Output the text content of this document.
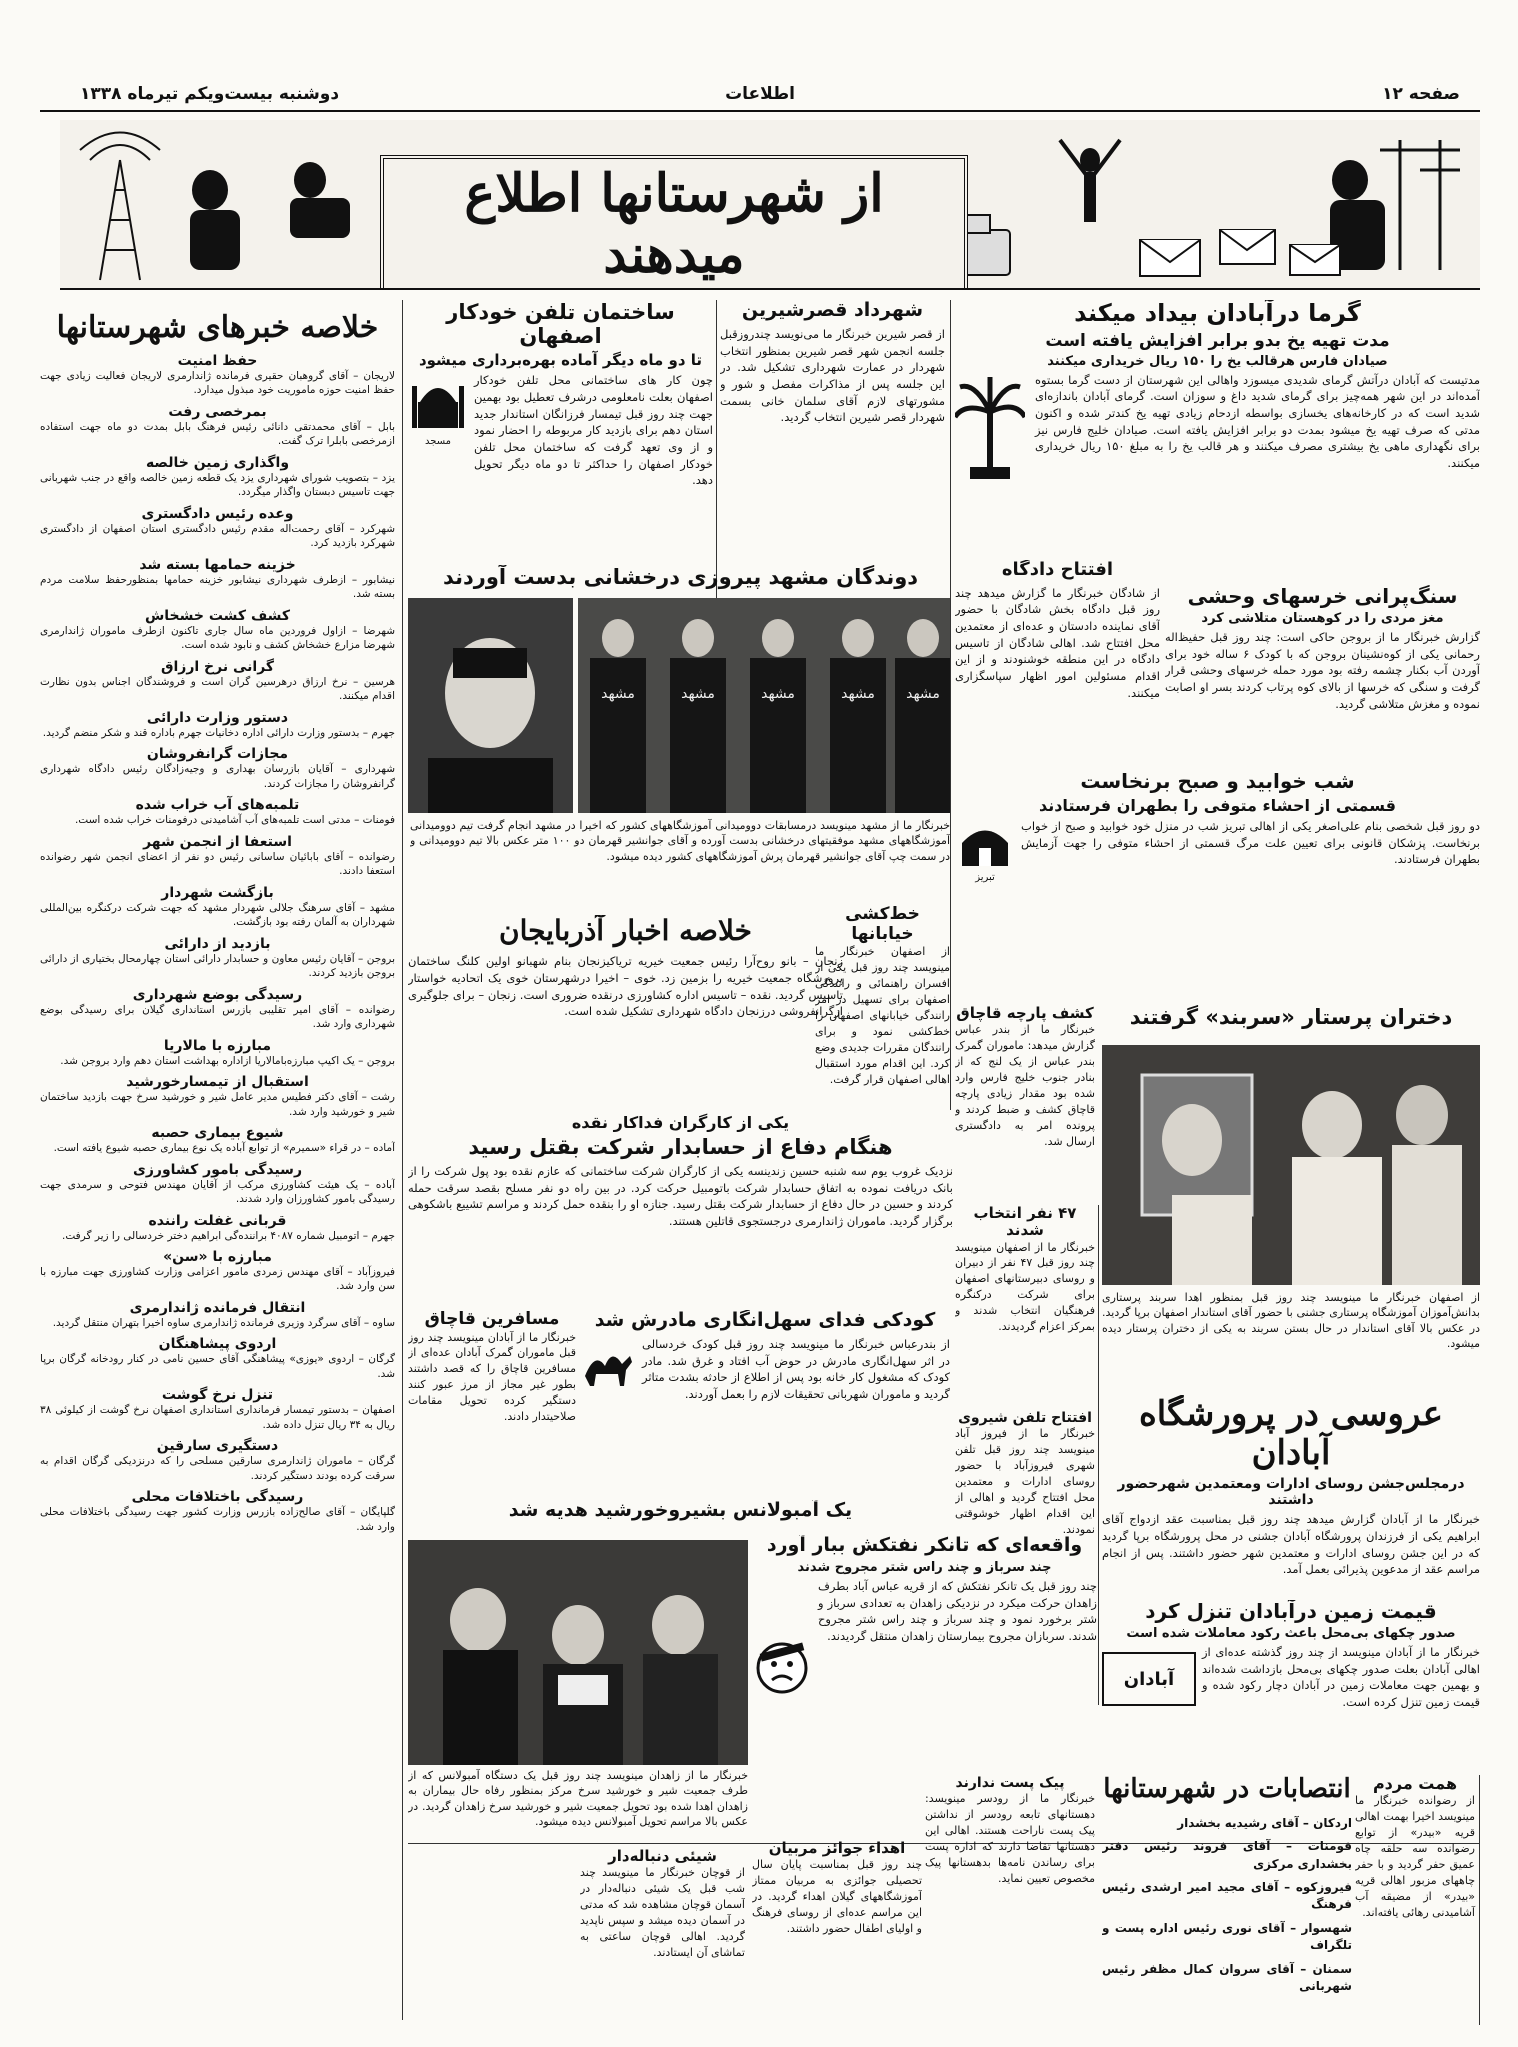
صفحه ۱۲
اطلاعات
دوشنبه بیست‌ویکم تیرماه ۱۳۳۸
از شهرستانها اطلاع میدهند
خلاصه خبرهای شهرستانها
حفظ امنیت

لاریجان – آقای گروهبان حقیری فرمانده ژاندارمری لاریجان فعالیت زیادی جهت حفظ امنیت حوزه ماموریت خود مبذول میدارد.

بمرخصی رفت

بابل – آقای محمدتقی دانائی رئیس فرهنگ بابل بمدت دو ماه جهت استفاده ازمرخصی بابلرا ترک گفت.

واگذاری زمین خالصه

یزد – بتصویب شورای شهرداری یزد یک قطعه زمین خالصه واقع در جنب شهربانی جهت تاسیس دبستان واگذار میگردد.

وعده رئیس دادگستری

شهرکرد – آقای رحمت‌اله مقدم رئیس دادگستری استان اصفهان از دادگستری شهرکرد بازدید کرد.

خزینه حمامها بسته شد

نیشابور – ازطرف شهرداری نیشابور خزینه حمامها بمنظورحفظ سلامت مردم بسته شد.

کشف کشت خشخاش

شهرضا – ازاول فروردین ماه سال جاری تاکنون ازطرف ماموران ژاندارمری شهرضا مزارع خشخاش کشف و نابود شده است.

گرانی نرخ ارزاق

هرسین – نرخ ارزاق درهرسین گران است و فروشندگان اجناس بدون نظارت اقدام میکنند.

دستور وزارت دارائی

جهرم – بدستور وزارت دارائی اداره دخانیات جهرم باداره قند و شکر منضم گردید.

مجازات گرانفروشان

شهرداری – آقایان بازرسان بهداری و وجیه‌زادگان رئیس دادگاه شهرداری گرانفروشان را مجازات کردند.

تلمبه‌های آب خراب شده

فومنات – مدتی است تلمبه‌های آب آشامیدنی درفومنات خراب شده است.

استعفا از انجمن شهر

رضوانده – آقای بابائیان ساسانی رئیس دو نفر از اعضای انجمن شهر رضوانده استعفا دادند.

بازگشت شهردار

مشهد – آقای سرهنگ جلالی شهردار مشهد که جهت شرکت درکنگره بین‌المللی شهرداران به آلمان رفته بود بازگشت.

بازدید از دارائی

بروجن – آقایان رئیس معاون و حسابدار دارائی استان چهارمحال بختیاری از دارائی بروجن بازدید کردند.

رسیدگی بوضع شهرداری

رضوانده – آقای امیر تقلیبی بازرس استانداری گیلان برای رسیدگی بوضع شهرداری وارد شد.

مبارزه با مالاریا

بروجن – یک اکیپ مبارزه‌بامالاریا ازاداره بهداشت استان دهم وارد بروجن شد.

استقبال از تیمسارخورشید

رشت – آقای دکتر فطیس مدیر عامل شیر و خورشید سرخ جهت بازدید ساختمان شیر و خورشید وارد شد.

شیوع بیماری حصبه

آماده – در قراء «سمیرم» از توابع آباده یک نوع بیماری حصبه شیوع یافته است.

رسیدگی بامور کشاورزی

آباده – یک هیئت کشاورزی مرکب از آقایان مهندس فتوحی و سرمدی جهت رسیدگی بامور کشاورزان وارد شدند.

قربانی غفلت راننده

جهرم – اتومبیل شماره ۴۰۸۷ براننده‌گی ابراهیم دختر خردسالی را زیر گرفت.

مبارزه با «سن»

فیروزآباد – آقای مهندس زمردی مامور اعزامی وزارت کشاورزی جهت مبارزه با سن وارد شد.

انتقال فرمانده ژاندارمری

ساوه – آقای سرگرد وزیری فرمانده ژاندارمری ساوه اخیرا بتهران منتقل گردید.

اردوی پیشاهنگان

گرگان – اردوی «یوزی» پیشاهنگی آقای حسین نامی در کنار رودخانه گرگان برپا شد.

تنزل نرخ گوشت

اصفهان – بدستور تیمسار فرمانداری استانداری اصفهان نرخ گوشت از کیلوئی ۳۸ ریال به ۳۴ ریال تنزل داده شد.

دستگیری سارقین

گرگان – ماموران ژاندارمری سارقین مسلحی را که درنزدیکی گرگان اقدام به سرقت کرده بودند دستگیر کردند.

رسیدگی باختلافات محلی

گلپایگان – آقای صالح‌زاده بازرس وزارت کشور جهت رسیدگی باختلافات محلی وارد شد.

گرما درآبادان بیداد میکند

مدت تهیه یخ بدو برابر افزایش یافته است

صیادان فارس هرقالب یخ را ۱۵۰ ریال خریداری میکنند

مدتیست که آبادان درآتش گرمای شدیدی میسوزد واهالی این شهرستان از دست گرما بستوه آمده‌اند در این شهر همه‌چیز برای گرمای شدید داغ و سوزان است. گرمای آبادان باندازه‌ای شدید است که در کارخانه‌های یخسازی بواسطه ازدحام زیادی تهیه یخ کندتر شده و اکنون مدتی که صرف تهیه یخ میشود بمدت دو برابر افزایش یافته است. صیادان خلیج فارس نیز برای نگهداری ماهی یخ بیشتری مصرف میکنند و هر قالب یخ را به مبلغ ۱۵۰ ریال خریداری میکنند.

شهرداد قصرشیرین

از قصر شیرین خبرنگار ما می‌نویسد چندروزقبل جلسه انجمن شهر قصر شیرین بمنظور انتخاب شهردار در عمارت شهرداری تشکیل شد. در این جلسه پس از مذاکرات مفصل و شور و مشورتهای لازم آقای سلمان خانی بسمت شهردار قصر شیرین انتخاب گردید.

ساختمان تلفن خودکار اصفهان

تا دو ماه دیگر آماده بهره‌برداری میشود

چون کار های ساختمانی محل تلفن خودکار اصفهان بعلت نامعلومی درشرف تعطیل بود بهمین جهت چند روز قبل تیمسار فرزانگان استاندار جدید استان دهم برای بازدید کار مربوطه را احضار نمود و از وی تعهد گرفت که ساختمان محل تلفن خودکار اصفهان را حداکثر تا دو ماه دیگر تحویل دهد.

مسجد
دوندگان مشهد پیروزی درخشانی بدست آوردند
مشهد	مشهد	مشهد	مشهد مشهد

خبرنگار ما از مشهد مینویسد درمسابقات دوومیدانی آموزشگاههای کشور که اخیرا در مشهد انجام گرفت تیم دوومیدانی آموزشگاههای مشهد موفقیتهای درخشانی بدست آورده و آقای جوانشیر قهرمان دو ۱۰۰ متر عکس بالا تیم دوومیدانی و در سمت چپ آقای جوانشیر قهرمان پرش آموزشگاههای کشور دیده میشود.

افتتاح دادگاه

از شادگان خبرنگار ما گزارش میدهد چند روز قبل دادگاه بخش شادگان با حضور آقای نماینده دادستان و عده‌ای از معتمدین محل افتتاح شد. اهالی شادگان از تاسیس دادگاه در این منطقه خوشنودند و از این اقدام مسئولین امور اظهار سپاسگزاری میکنند.

سنگ‌پرانی خرسهای وحشی

مغز مردی را در کوهستان متلاشی کرد

گزارش خبرنگار ما از بروجن حاکی است: چند روز قبل حفیظ‌اله رحمانی یکی از کوه‌نشینان بروجن که با کودک ۶ ساله خود برای آوردن آب بکنار چشمه رفته بود مورد حمله خرسهای وحشی قرار گرفت و سنگی که خرسها از بالای کوه پرتاب کردند بسر او اصابت نموده و مغزش متلاشی گردید.

شب خوابید و صبح برنخاست

قسمتی از احشاء متوفی را بطهران فرستادند

دو روز قبل شخصی بنام علی‌اصغر یکی از اهالی تبریز شب در منزل خود خوابید و صبح از خواب برنخاست. پزشکان قانونی برای تعیین علت مرگ قسمتی از احشاء متوفی را جهت آزمایش بطهران فرستادند.

تبریز
خلاصه اخبار آذربایجان

زنجان – بانو روح‌آرا رئیس جمعیت خیریه تریاکیزنجان بنام شهبانو اولین کلنگ ساختمان پرورشگاه جمعیت خیریه را بزمین زد. خوی – اخیرا درشهرستان خوی یک اتحادیه خواستار تاسیس گردید. نقده – تاسیس اداره کشاورزی درنقده ضروری است. زنجان – برای جلوگیری ازگرانفروشی درزنجان دادگاه شهرداری تشکیل شده است.

خط‌کشی خیابانها

از اصفهان خبرنگار ما مینویسد چند روز قبل یکی از افسران راهنمائی و رانندگی اصفهان برای تسهیل در امر رانندگی خیابانهای اصفهان را خط‌کشی نمود و برای رانندگان مقررات جدیدی وضع کرد. این اقدام مورد استقبال اهالی اصفهان قرار گرفت.

یکی از کارگران فداکار نقده

هنگام دفاع از حسابدار شرکت بقتل رسید

نزدیک غروب یوم سه شنبه حسین زندینسه یکی از کارگران شرکت ساختمانی که عازم نقده بود پول شرکت را از بانک دریافت نموده به اتفاق حسابدار شرکت باتومبیل حرکت کرد. در بین راه دو نفر مسلح بقصد سرقت حمله کردند و حسین در حال دفاع از حسابدار شرکت بقتل رسید. جنازه او را بنقده حمل کردند و مراسم تشییع باشکوهی برگزار گردید. ماموران ژاندارمری درجستجوی قاتلین هستند.

کشف پارچه قاچاق

خبرنگار ما از بندر عباس گزارش میدهد: ماموران گمرک بندر عباس از یک لنج که از بنادر جنوب خلیج فارس وارد شده بود مقدار زیادی پارچه قاچاق کشف و ضبط کردند و پرونده امر به دادگستری ارسال شد.

دختران پرستار «سربند» گرفتند

از اصفهان خبرنگار ما مینویسد چند روز قبل بمنظور اهدا سربند پرستاری بدانش‌آموزان آموزشگاه پرستاری جشنی با حضور آقای استاندار اصفهان برپا گردید. در عکس بالا آقای استاندار در حال بستن سربند به یکی از دختران پرستار دیده میشود.

۴۷ نفر انتخاب شدند

خبرنگار ما از اصفهان مینویسد چند روز قبل ۴۷ نفر از دبیران و روسای دبیرستانهای اصفهان برای شرکت درکنگره فرهنگیان انتخاب شدند و بمرکز اعزام گردیدند.

کودکی فدای سهل‌انگاری مادرش شد

از بندرعباس خبرنگار ما مینویسد چند روز قبل کودک خردسالی در اثر سهل‌انگاری مادرش در حوض آب افتاد و غرق شد. مادر کودک که مشغول کار خانه بود پس از اطلاع از حادثه بشدت متاثر گردید و ماموران شهربانی تحقیقات لازم را بعمل آوردند.

مسافرین قاچاق

خبرنگار ما از آبادان مینویسد چند روز قبل ماموران گمرک آبادان عده‌ای از مسافرین قاچاق را که قصد داشتند بطور غیر مجاز از مرز عبور کنند دستگیر کرده تحویل مقامات صلاحیتدار دادند.	عروسی در پرورشگاه آبادان

درمجلس‌جشن روسای ادارات ومعتمدین شهرحضور داشتند

خبرنگار ما از آبادان گزارش میدهد چند روز قبل بمناسبت عقد ازدواج آقای ابراهیم یکی از فرزندان پرورشگاه آبادان جشنی در محل پرورشگاه برپا گردید که در این جشن روسای ادارات و معتمدین شهر حضور داشتند. پس از انجام مراسم عقد از مدعوین پذیرائی بعمل آمد.

افتتاح تلفن شیروی

خبرنگار ما از فیروز آباد مینویسد چند روز قبل تلفن شهری فیروزآباد با حضور روسای ادارات و معتمدین محل افتتاح گردید و اهالی از این اقدام اظهار خوشوقتی نمودند.

یک آمبولانس بشیروخورشید هدیه شد

خبرنگار ما از زاهدان مینویسد چند روز قبل یک دستگاه آمبولانس که از طرف جمعیت شیر و خورشید سرخ مرکز بمنظور رفاه حال بیماران به زاهدان اهدا شده بود تحویل جمعیت شیر و خورشید سرخ زاهدان گردید. در عکس بالا مراسم تحویل آمبولانس دیده میشود.

واقعه‌ای که تانکر نفتکش ببار آورد

چند سرباز و چند راس شتر مجروح شدند

چند روز قبل یک تانکر نفتکش که از قریه عباس آباد بطرف زاهدان حرکت میکرد در نزدیکی زاهدان به تعدادی سرباز و شتر برخورد نمود و چند سرباز و چند راس شتر مجروح شدند. سربازان مجروح بیمارستان زاهدان منتقل گردیدند.

قیمت زمین درآبادان تنزل کرد

صدور چکهای بی‌محل باعث رکود معاملات شده است

خبرنگار ما از آبادان مینویسد از چند روز گذشته عده‌ای از اهالی آبادان بعلت صدور چکهای بی‌محل بازداشت شده‌اند و بهمین جهت معاملات زمین در آبادان دچار رکود شده و قیمت زمین تنزل کرده است.

آبادان
اهداء جوائز مربیان

چند روز قبل بمناسبت پایان سال تحصیلی جوائزی به مربیان ممتاز آموزشگاههای گیلان اهداء گردید. در این مراسم عده‌ای از روسای فرهنگ و اولیای اطفال حضور داشتند.

شیئی دنباله‌دار

از قوچان خبرنگار ما مینویسد چند شب قبل یک شیئی دنباله‌دار در آسمان قوچان مشاهده شد که مدتی در آسمان دیده میشد و سپس ناپدید گردید. اهالی قوچان ساعتی به تماشای آن ایستادند.

پیک پست ندارند

خبرنگار ما از رودسر مینویسد: دهستانهای تابعه رودسر از نداشتن پیک پست ناراحت هستند. اهالی این دهستانها تقاضا دارند که اداره پست برای رساندن نامه‌ها بدهستانها پیک مخصوص تعیین نماید.

انتصابات در شهرستانها

اردکان – آقای رشیدیه بخشدار

فومنات – آقای فروند رئیس دفتر بخشداری مرکزی

فیروزکوه – آقای مجید امیر ارشدی رئیس فرهنگ

شهسوار – آقای نوری رئیس اداره پست و تلگراف

سمنان – آقای سروان کمال مظفر رئیس شهربانی

همت مردم

از رضوانده خبرنگار ما مینویسد اخیرا بهمت اهالی قریه «بیدر» از توابع رضوانده سه حلقه چاه عمیق حفر گردید و با حفر چاههای مزبور اهالی قریه «بیدر» از مضیقه آب آشامیدنی رهائی یافته‌اند.
